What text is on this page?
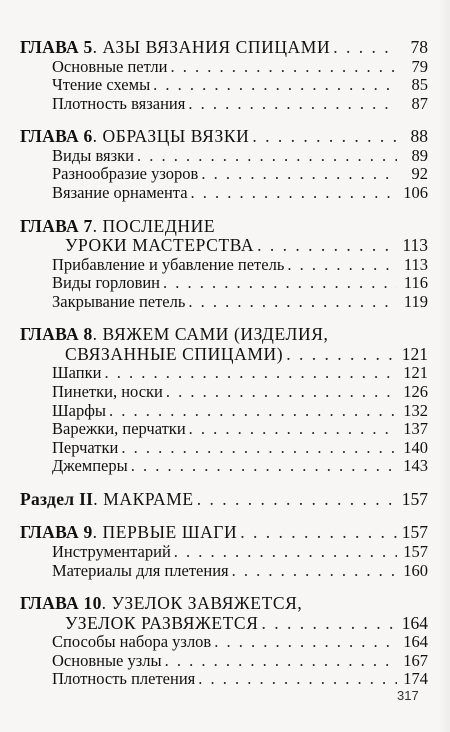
ГЛАВА 5. АЗЫ ВЯЗАНИЯ СПИЦАМИ . . .	78
Основные петли . . .	79
Чтение схемы . . .	85
Плотность вязания . . .	87
ГЛАВА 6. ОБРАЗЦЫ ВЯЗКИ . . .	88
Виды вязки . . .	89
Разнообразие узоров . . .	92
Вязание орнамента . . .	106
ГЛАВА 7. ПОСЛЕДНИЕ
УРОКИ МАСТЕРСТВА . . .	113
Прибавление и убавление петель . . .	113
Виды горловин . . .	116
Закрывание петель . . .	119
ГЛАВА 8. ВЯЖЕМ САМИ (ИЗДЕЛИЯ,
СВЯЗАННЫЕ СПИЦАМИ) . . .	121
Шапки . . .	121
Пинетки, носки . . .	126
Шарфы . . .	132
Варежки, перчатки . . .	137
Перчатки . . .	140
Джемперы . . .	143
Раздел II. МАКРАМЕ . . .	157
ГЛАВА 9. ПЕРВЫЕ ШАГИ . . .	157
Инструментарий . . .	157
Материалы для плетения . . .	160
ГЛАВА 10. УЗЕЛОК ЗАВЯЖЕТСЯ,
УЗЕЛОК РАЗВЯЖЕТСЯ . . .	164
Способы набора узлов . . .	164
Основные узлы . . .	167
Плотность плетения . . .	174
317
